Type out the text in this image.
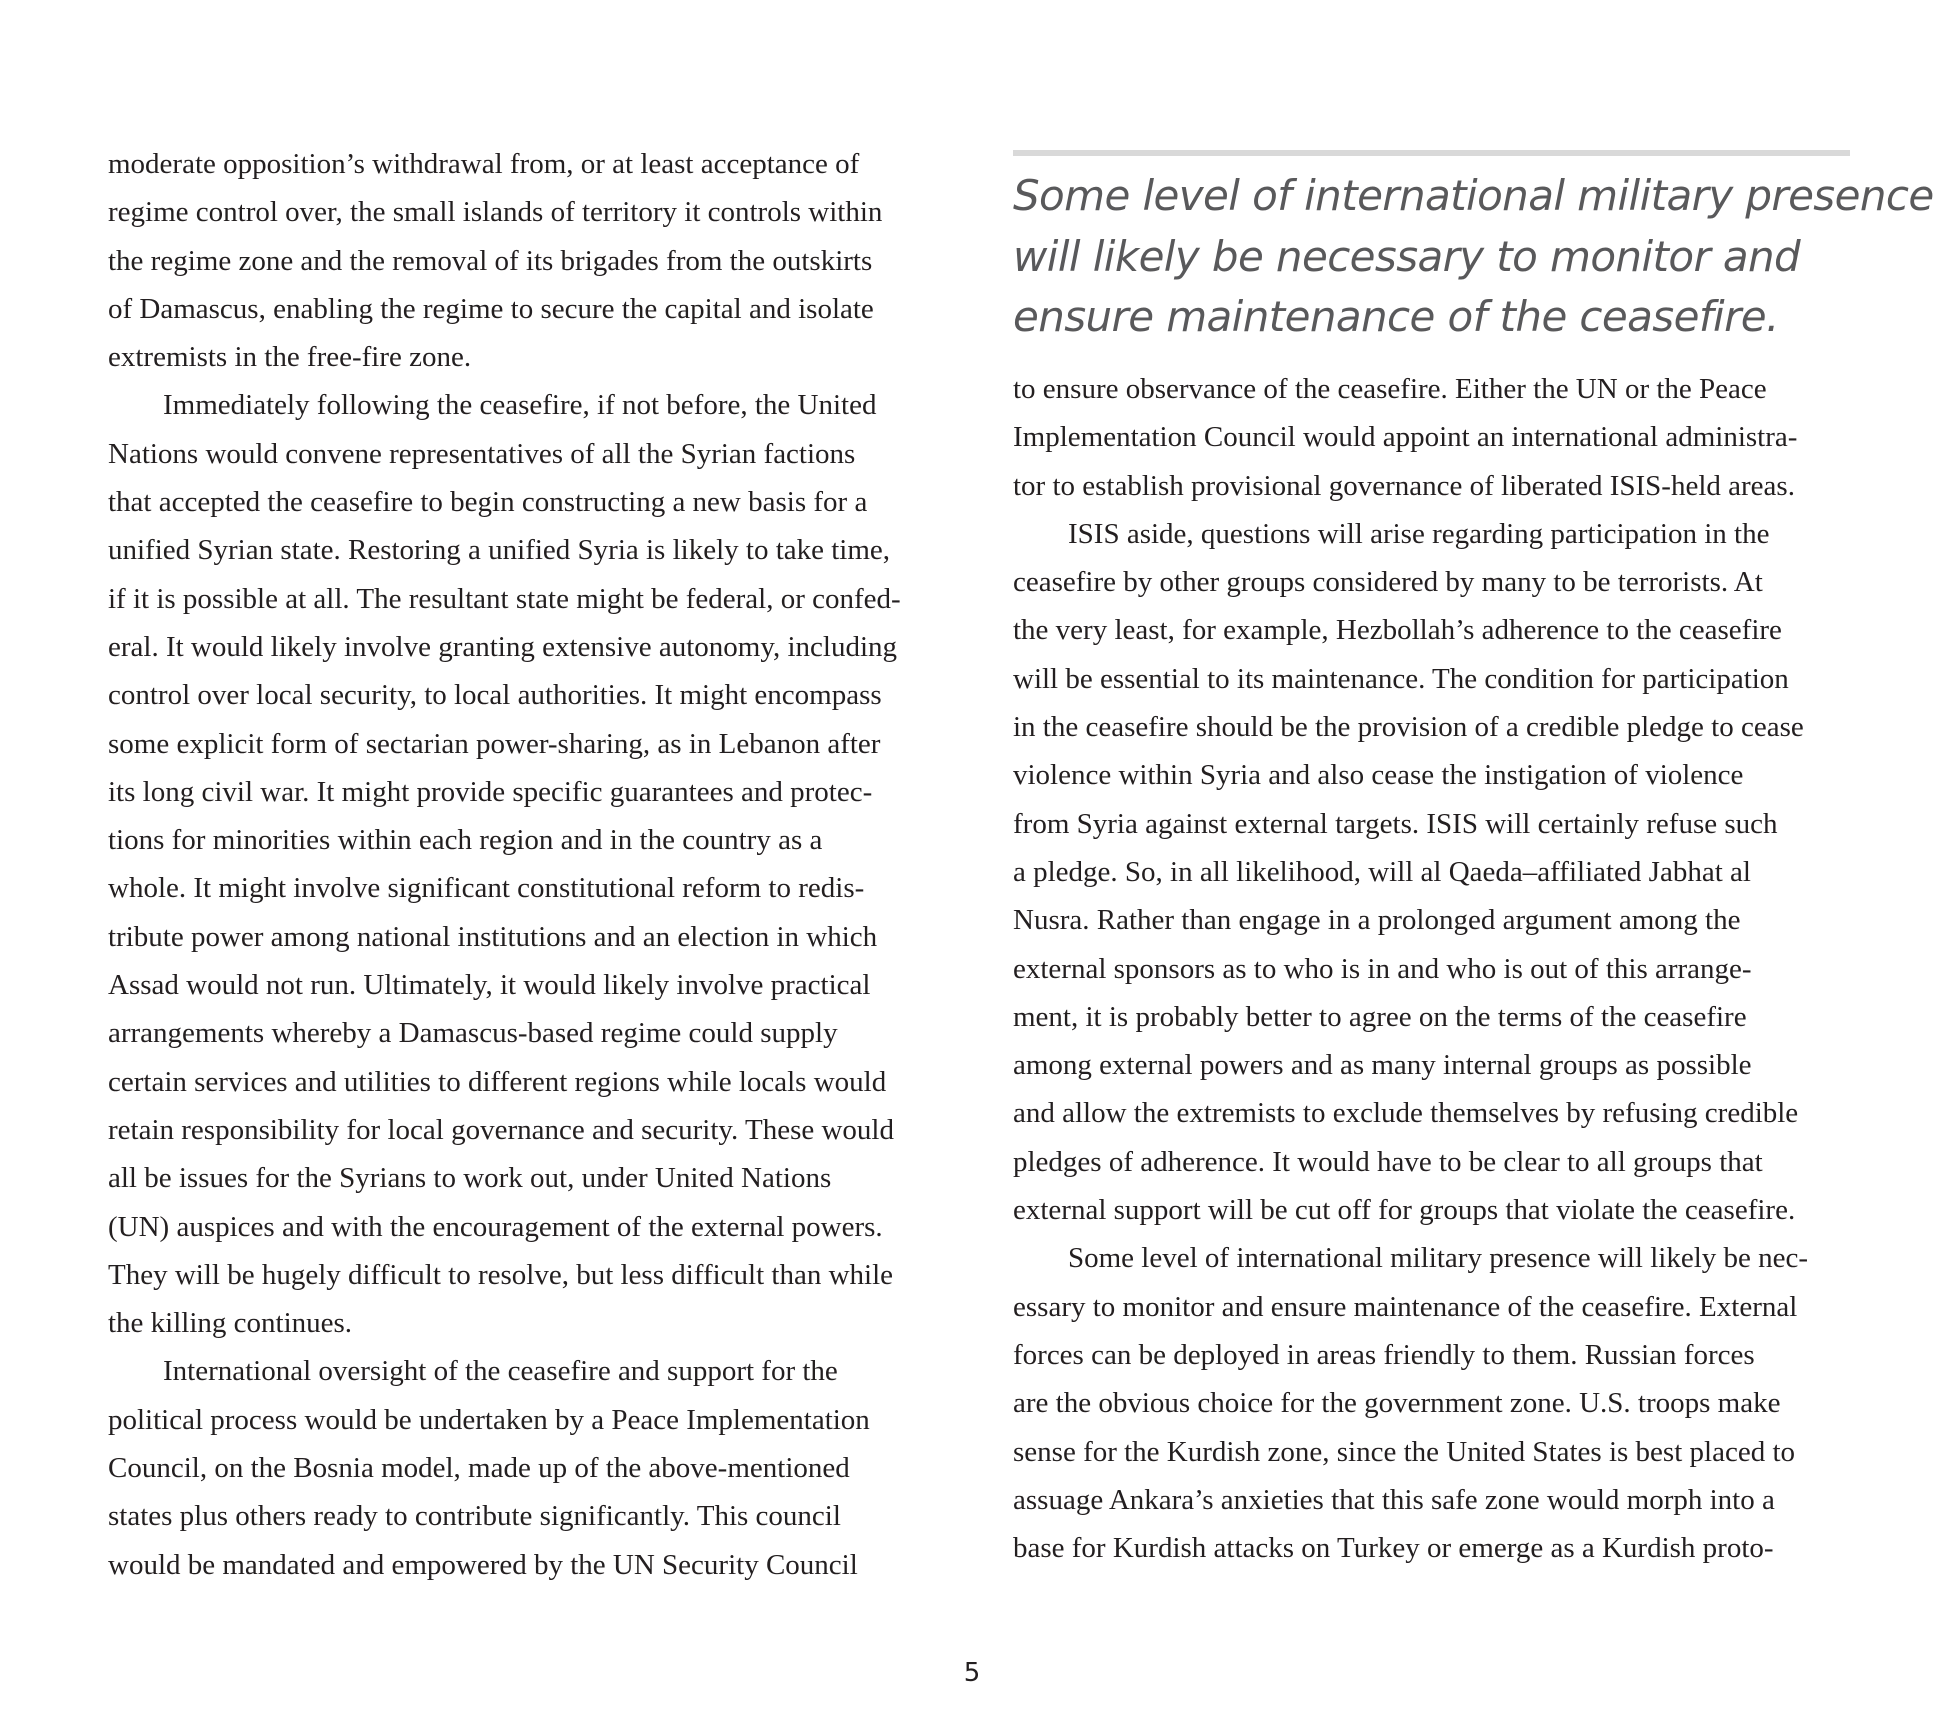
moderate opposition’s withdrawal from, or at least acceptance of
regime control over, the small islands of territory it controls within
the regime zone and the removal of its brigades from the outskirts
of Damascus, enabling the regime to secure the capital and isolate
extremists in the free-fire zone.

Immediately following the ceasefire, if not before, the United
Nations would convene representatives of all the Syrian factions
that accepted the ceasefire to begin constructing a new basis for a
unified Syrian state. Restoring a unified Syria is likely to take time,
if it is possible at all. The resultant state might be federal, or confed-
eral. It would likely involve granting extensive autonomy, including
control over local security, to local authorities. It might encompass
some explicit form of sectarian power-sharing, as in Lebanon after
its long civil war. It might provide specific guarantees and protec-
tions for minorities within each region and in the country as a
whole. It might involve significant constitutional reform to redis-
tribute power among national institutions and an election in which
Assad would not run. Ultimately, it would likely involve practical
arrangements whereby a Damascus-based regime could supply
certain services and utilities to different regions while locals would
retain responsibility for local governance and security. These would
all be issues for the Syrians to work out, under United Nations
(UN) auspices and with the encouragement of the external powers.
They will be hugely difficult to resolve, but less difficult than while
the killing continues.

International oversight of the ceasefire and support for the
political process would be undertaken by a Peace Implementation
Council, on the Bosnia model, made up of the above-mentioned
states plus others ready to contribute significantly. This council
would be mandated and empowered by the UN Security Council

Some level of international military presence
will likely be necessary to monitor and
ensure maintenance of the ceasefire.

to ensure observance of the ceasefire. Either the UN or the Peace
Implementation Council would appoint an international administra-
tor to establish provisional governance of liberated ISIS-held areas.

ISIS aside, questions will arise regarding participation in the
ceasefire by other groups considered by many to be terrorists. At
the very least, for example, Hezbollah’s adherence to the ceasefire
will be essential to its maintenance. The condition for participation
in the ceasefire should be the provision of a credible pledge to cease
violence within Syria and also cease the instigation of violence
from Syria against external targets. ISIS will certainly refuse such
a pledge. So, in all likelihood, will al Qaeda–affiliated Jabhat al
Nusra. Rather than engage in a prolonged argument among the
external sponsors as to who is in and who is out of this arrange-
ment, it is probably better to agree on the terms of the ceasefire
among external powers and as many internal groups as possible
and allow the extremists to exclude themselves by refusing credible
pledges of adherence. It would have to be clear to all groups that
external support will be cut off for groups that violate the ceasefire.

Some level of international military presence will likely be nec-
essary to monitor and ensure maintenance of the ceasefire. External
forces can be deployed in areas friendly to them. Russian forces
are the obvious choice for the government zone. U.S. troops make
sense for the Kurdish zone, since the United States is best placed to
assuage Ankara’s anxieties that this safe zone would morph into a
base for Kurdish attacks on Turkey or emerge as a Kurdish proto-

5
